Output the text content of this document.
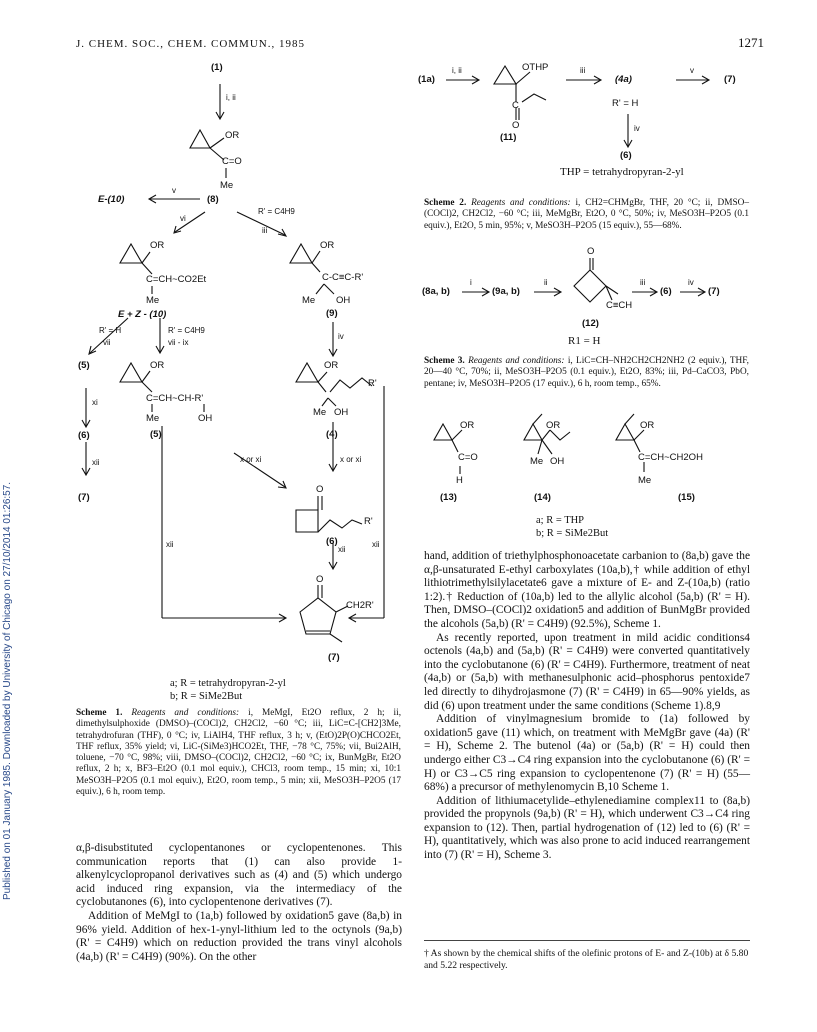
J. CHEM. SOC., CHEM. COMMUN., 1985	1271
Published on 01 January 1985. Downloaded by University of Chicago on 27/10/2014 01:26:57.
(1)
i, ii
OR
C=O
Me
(8)
E-(10)
v
vi
R' = C4H9
iii
OR
C=CH~CO2Et
Me
E + Z - (10)
OR
C-C≡C-R'
Me OH
(9)
R' = H
vii
R' = C4H9
vii - ix
iv
(5)	OR
C=CH~CH-R'
Me	OH
(5)
OR
R'
Me OH
(4)
xi
(6)
xii
(7)
x or xi	x or xi
O
R'
(6)
xii
xii
xii
O
CH2R'
(7)
a; R = tetrahydropyran-2-yl
b; R = SiMe2But
Scheme 1. Reagents and conditions: i, MeMgI, Et2O reflux, 2 h; ii, dimethylsulphoxide (DMSO)–(COCl)2, CH2Cl2, −60 °C; iii, LiC≡C-[CH2]3Me, tetrahydrofuran (THF), 0 °C; iv, LiAlH4, THF reflux, 3 h; v, (EtO)2P(O)CHCO2Et, THF reflux, 35% yield; vi, LiC-(SiMe3)HCO2Et, THF, −78 °C, 75%; vii, Bui2AlH, toluene, −70 °C, 98%; viii, DMSO–(COCl)2, CH2Cl2, −60 °C; ix, BunMgBr, Et2O reflux, 2 h; x, BF3–Et2O (0.1 mol equiv.), CHCl3, room temp., 15 min; xi, 10:1 MeSO3H–P2O5 (0.1 mol equiv.), Et2O, room temp., 5 min; xii, MeSO3H–P2O5 (17 equiv.), 6 h, room temp.

α,β-disubstituted cyclopentanones or cyclopentenones. This communication reports that (1) can also provide 1-alkenylcyclopropanol derivatives such as (4) and (5) which undergo acid induced ring expansion, via the intermediacy of the cyclobutanones (6), into cyclopentenone derivatives (7).

Addition of MeMgI to (1a,b) followed by oxidation5 gave (8a,b) in 96% yield. Addition of hex-1-ynyl-lithium led to the octynols (9a,b) (R' = C4H9) which on reduction provided the trans vinyl alcohols (4a,b) (R' = C4H9) (90%). On the other

(1a)
i, ii	OTHP
C
O
(11)
iii
(4a)
v
(7)
R' = H
iv
(6)
THP = tetrahydropyran-2-yl
Scheme 2. Reagents and conditions: i, CH2=CHMgBr, THF, 20 °C; ii, DMSO–(COCl)2, CH2Cl2, −60 °C; iii, MeMgBr, Et2O, 0 °C, 50%; iv, MeSO3H–P2O5 (0.1 equiv.), Et2O, 5 min, 95%; v, MeSO3H–P2O5 (15 equiv.), 55—68%.
(8a, b)
i
(9a, b)
ii
O
C≡CH
(12)
iii
(6)
iv
(7)
R1 = H
Scheme 3. Reagents and conditions: i, LiC≡CH–NH2CH2CH2NH2 (2 equiv.), THF, 20—40 °C, 70%; ii, MeSO3H–P2O5 (0.1 equiv.), Et2O, 83%; iii, Pd–CaCO3, PbO, pentane; iv, MeSO3H–P2O5 (17 equiv.), 6 h, room temp., 65%.
OR
C=O
H
(13)
OR
Me OH
(14)
OR
C=CH~CH2OH
Me
(15)
a; R = THP
b; R = SiMe2But

hand, addition of triethylphosphonoacetate carbanion to (8a,b) gave the α,β-unsaturated E-ethyl carboxylates (10a,b),† while addition of ethyl lithiotrimethylsilylacetate6 gave a mixture of E- and Z-(10a,b) (ratio 1:2).† Reduction of (10a,b) led to the allylic alcohol (5a,b) (R' = H). Then, DMSO–(COCl)2 oxidation5 and addition of BunMgBr provided the alcohols (5a,b) (R' = C4H9) (92.5%), Scheme 1.

As recently reported, upon treatment in mild acidic conditions4 octenols (4a,b) and (5a,b) (R' = C4H9) were converted quantitatively into the cyclobutanone (6) (R' = C4H9). Furthermore, treatment of neat (4a,b) or (5a,b) with methanesulphonic acid–phosphorus pentoxide7 led directly to dihydrojasmone (7) (R' = C4H9) in 65—90% yields, as did (6) upon treatment under the same conditions (Scheme 1).8,9

Addition of vinylmagnesium bromide to (1a) followed by oxidation5 gave (11) which, on treatment with MeMgBr gave (4a) (R' = H), Scheme 2. The butenol (4a) or (5a,b) (R' = H) could then undergo either C3→C4 ring expansion into the cyclobutanone (6) (R' = H) or C3→C5 ring expansion to cyclopentenone (7) (R' = H) (55—68%) a precursor of methylenomycin B,10 Scheme 1.

Addition of lithiumacetylide–ethylenediamine complex11 to (8a,b) provided the propynols (9a,b) (R' = H), which underwent C3→C4 ring expansion to (12). Then, partial hydrogenation of (12) led to (6) (R' = H), quantitatively, which was also prone to acid induced rearrangement into (7) (R' = H), Scheme 3.

† As shown by the chemical shifts of the olefinic protons of E- and Z-(10b) at δ 5.80 and 5.22 respectively.
